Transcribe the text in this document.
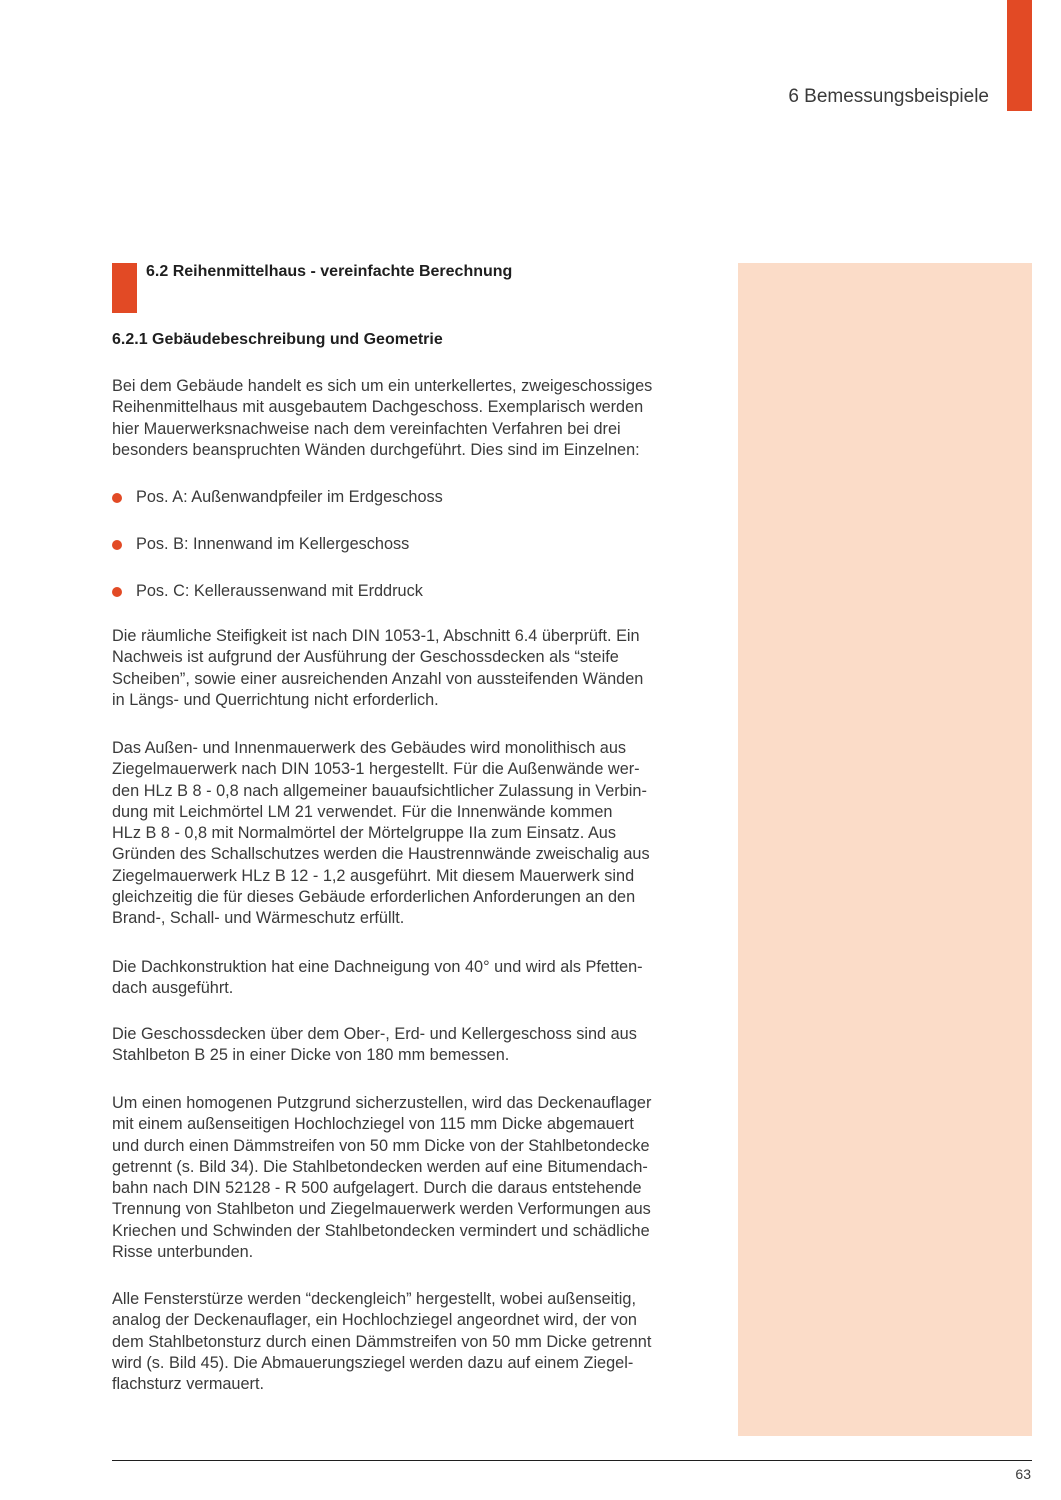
6 Bemessungsbeispiele
6.2 Reihenmittelhaus - vereinfachte Berechnung
6.2.1 Gebäudebeschreibung und Geometrie

Bei dem Gebäude handelt es sich um ein unterkellertes, zweigeschossiges
Reihenmittelhaus mit ausgebautem Dachgeschoss. Exemplarisch werden
hier Mauerwerksnachweise nach dem vereinfachten Verfahren bei drei
besonders beanspruchten Wänden durchgeführt. Dies sind im Einzelnen:

Pos. A: Außenwandpfeiler im Erdgeschoss
Pos. B: Innenwand im Kellergeschoss
Pos. C: Kelleraussenwand mit Erddruck

Die räumliche Steifigkeit ist nach DIN 1053-1, Abschnitt 6.4 überprüft. Ein
Nachweis ist aufgrund der Ausführung der Geschossdecken als “steife
Scheiben”, sowie einer ausreichenden Anzahl von aussteifenden Wänden
in Längs- und Querrichtung nicht erforderlich.

Das Außen- und Innenmauerwerk des Gebäudes wird monolithisch aus
Ziegelmauerwerk nach DIN 1053-1 hergestellt. Für die Außenwände wer-
den HLz B 8 - 0,8 nach allgemeiner bauaufsichtlicher Zulassung in Verbin-
dung mit Leichmörtel LM 21 verwendet. Für die Innenwände kommen
HLz B 8 - 0,8 mit Normalmörtel der Mörtelgruppe IIa zum Einsatz. Aus
Gründen des Schallschutzes werden die Haustrennwände zweischalig aus
Ziegelmauerwerk HLz B 12 - 1,2 ausgeführt. Mit diesem Mauerwerk sind
gleichzeitig die für dieses Gebäude erforderlichen Anforderungen an den
Brand-, Schall- und Wärmeschutz erfüllt.

Die Dachkonstruktion hat eine Dachneigung von 40° und wird als Pfetten-
dach ausgeführt.

Die Geschossdecken über dem Ober-, Erd- und Kellergeschoss sind aus
Stahlbeton B 25 in einer Dicke von 180 mm bemessen.

Um einen homogenen Putzgrund sicherzustellen, wird das Deckenauflager
mit einem außenseitigen Hochlochziegel von 115 mm Dicke abgemauert
und durch einen Dämmstreifen von 50 mm Dicke von der Stahlbetondecke
getrennt (s. Bild 34). Die Stahlbetondecken werden auf eine Bitumendach-
bahn nach DIN 52128 - R 500 aufgelagert. Durch die daraus entstehende
Trennung von Stahlbeton und Ziegelmauerwerk werden Verformungen aus
Kriechen und Schwinden der Stahlbetondecken vermindert und schädliche
Risse unterbunden.

Alle Fensterstürze werden “deckengleich” hergestellt, wobei außenseitig,
analog der Deckenauflager, ein Hochlochziegel angeordnet wird, der von
dem Stahlbetonsturz durch einen Dämmstreifen von 50 mm Dicke getrennt
wird (s. Bild 45). Die Abmauerungsziegel werden dazu auf einem Ziegel-
flachsturz vermauert.

63
